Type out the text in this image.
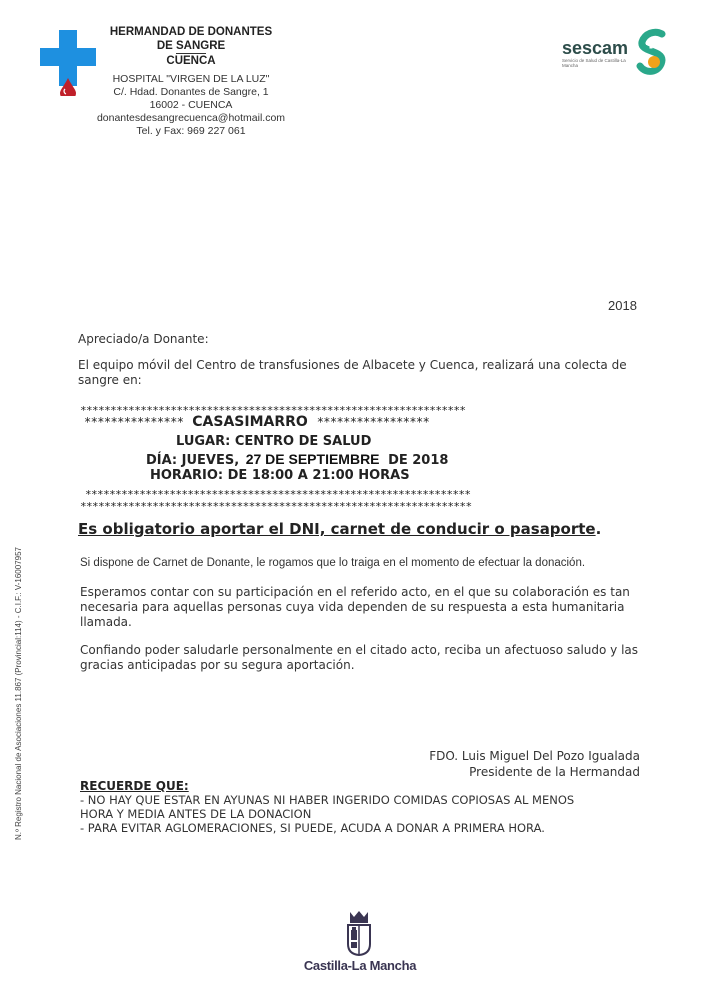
HERMANDAD DE DONANTES
DE SANGRE
CUENCA
HOSPITAL "VIRGEN DE LA LUZ"
C/. Hdad. Donantes de Sangre, 1
16002 - CUENCA
donantesdesangrecuenca@hotmail.com
Tel. y Fax: 969 227 061
sescam
Servicio de Salud de Castilla-La Mancha
2018
Apreciado/a Donante:
El equipo móvil del Centro de transfusiones de Albacete y Cuenca, realizará una colecta de
sangre en:
****************************************************************
*************** CASASIMARRO *****************
LUGAR: CENTRO DE SALUD
DÍA: JUEVES, 27 DE SEPTIEMBRE DE 2018
HORARIO: DE 18:00 A 21:00 HORAS
****************************************************************
*****************************************************************
Es obligatorio aportar el DNI, carnet de conducir o pasaporte.
Si dispone de Carnet de Donante, le rogamos que lo traiga en el momento de efectuar la donación.
Esperamos contar con su participación en el referido acto, en el que su colaboración es tan
necesaria para aquellas personas cuya vida dependen de su respuesta a esta humanitaria
llamada.
Confiando poder saludarle personalmente en el citado acto, reciba un afectuoso saludo y las
gracias anticipadas por su segura aportación.
FDO. Luis Miguel Del Pozo Igualada
Presidente de la Hermandad
RECUERDE QUE:
- NO HAY QUE ESTAR EN AYUNAS NI HABER INGERIDO COMIDAS COPIOSAS AL MENOS
HORA Y MEDIA ANTES DE LA DONACION
- PARA EVITAR AGLOMERACIONES, SI PUEDE, ACUDA A DONAR A PRIMERA HORA.
N.º Registro Nacional de Asociaciones 11.867 (Provincial:114) - C.I.F.: V-16007957
Castilla-La Mancha
